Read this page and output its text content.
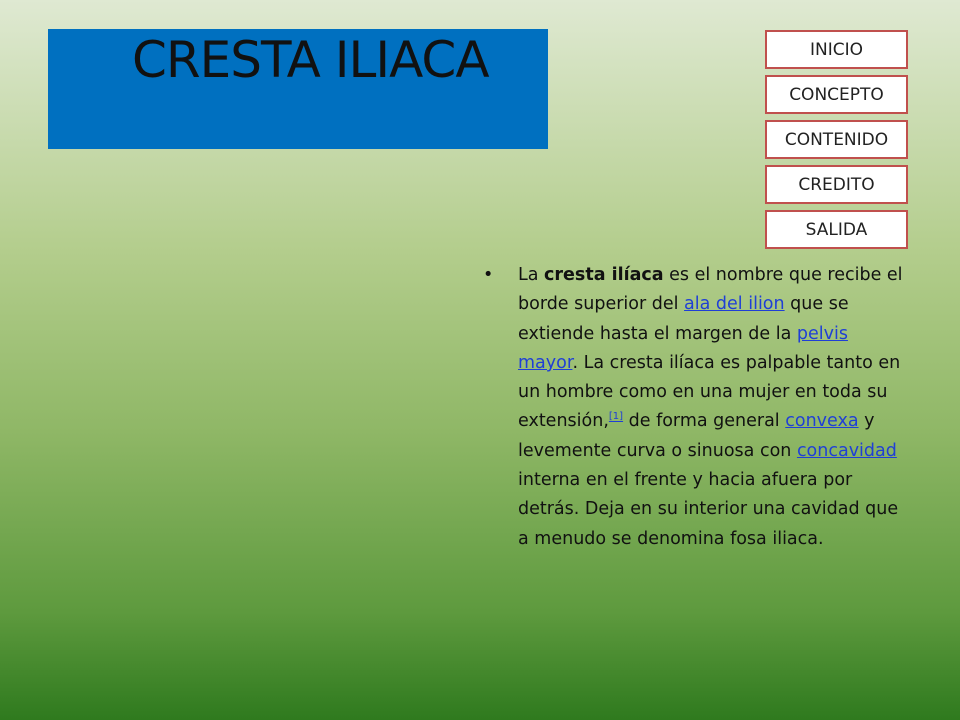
CRESTA ILIACA	INICIO
CONCEPTO
CONTENIDO
CREDITO
SALIDA
• La cresta ilíaca es el nombre que recibe el borde superior del ala del ilion que se extiende hasta el margen de la pelvis mayor. La cresta ilíaca es palpable tanto en un hombre como en una mujer en toda su extensión,[1] de forma general convexa y levemente curva o sinuosa con concavidad interna en el frente y hacia afuera por detrás. Deja en su interior una cavidad que a menudo se denomina fosa iliaca.
